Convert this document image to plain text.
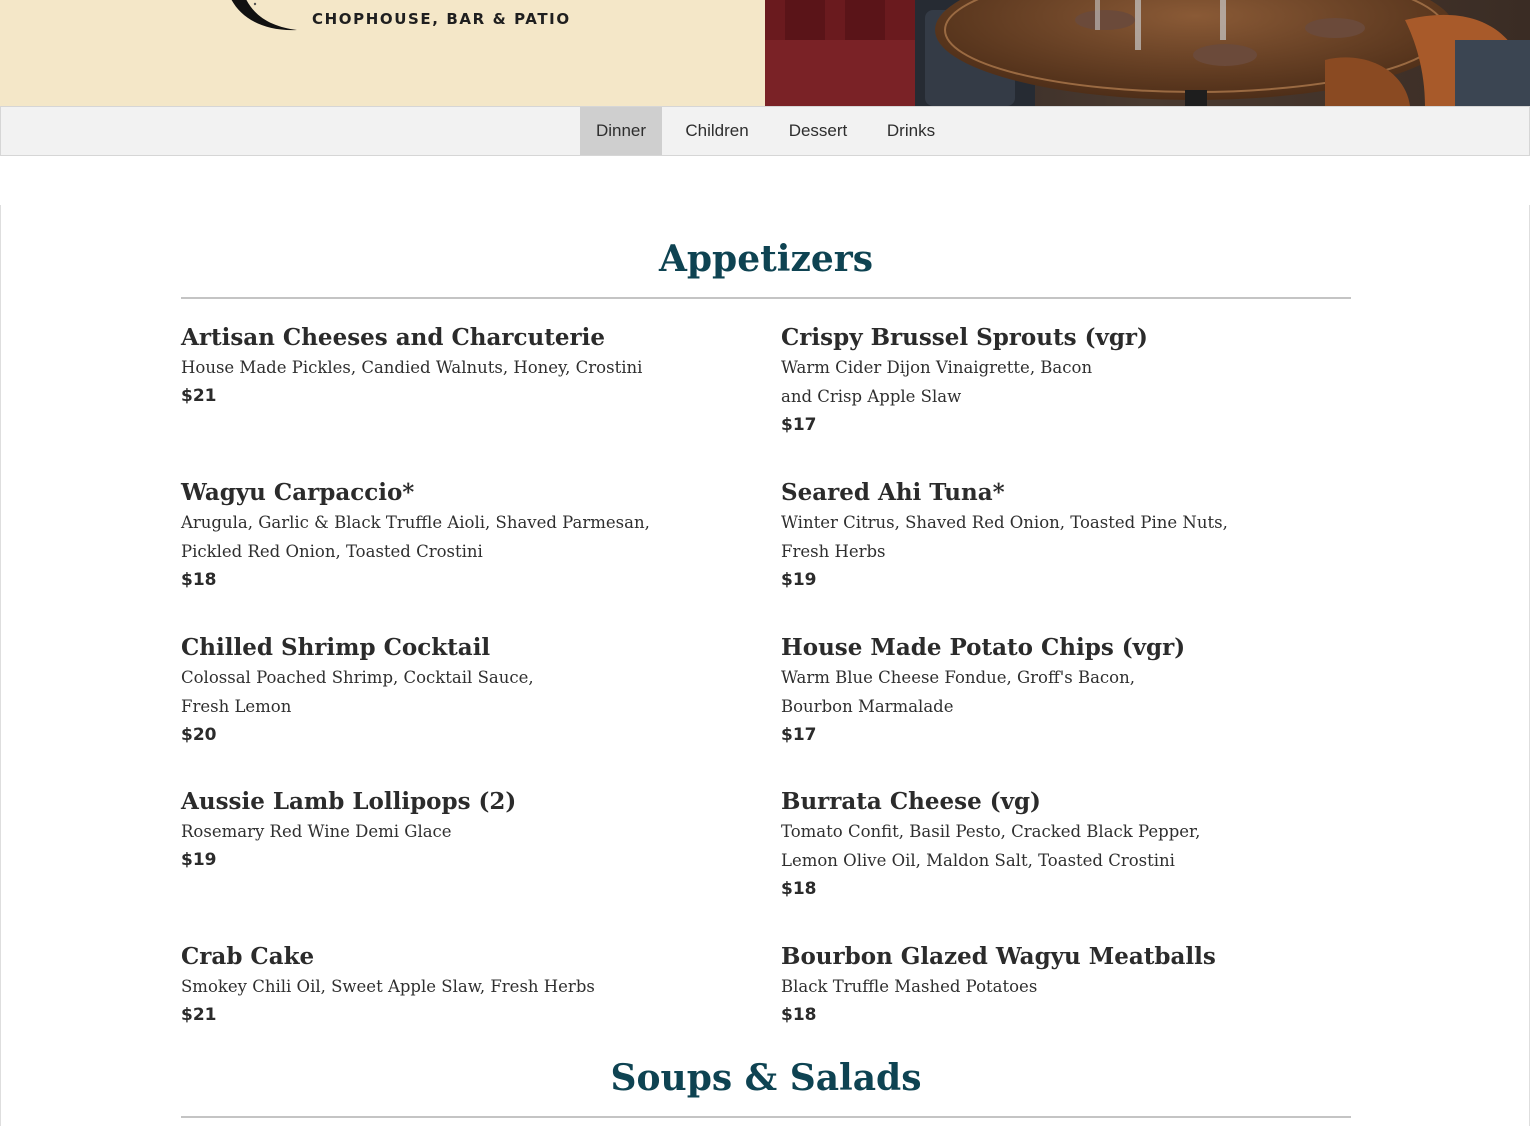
CHOPHOUSE, BAR & PATIO
Dinner	Children	Dessert	Drinks
Appetizers

Artisan Cheeses and Charcuterie

House Made Pickles, Candied Walnuts, Honey, Crostini

$21

Crispy Brussel Sprouts (vgr)

Warm Cider Dijon Vinaigrette, Bacon
and Crisp Apple Slaw

$17

Wagyu Carpaccio*

Arugula, Garlic & Black Truffle Aioli, Shaved Parmesan,
Pickled Red Onion, Toasted Crostini

$18

Seared Ahi Tuna*

Winter Citrus, Shaved Red Onion, Toasted Pine Nuts,
Fresh Herbs

$19

Chilled Shrimp Cocktail

Colossal Poached Shrimp, Cocktail Sauce,
Fresh Lemon

$20

House Made Potato Chips (vgr)

Warm Blue Cheese Fondue, Groff's Bacon,
Bourbon Marmalade

$17

Aussie Lamb Lollipops (2)

Rosemary Red Wine Demi Glace

$19

Burrata Cheese (vg)

Tomato Confit, Basil Pesto, Cracked Black Pepper,
Lemon Olive Oil, Maldon Salt, Toasted Crostini

$18

Crab Cake

Smokey Chili Oil, Sweet Apple Slaw, Fresh Herbs

$21

Bourbon Glazed Wagyu Meatballs

Black Truffle Mashed Potatoes

$18

Soups & Salads
